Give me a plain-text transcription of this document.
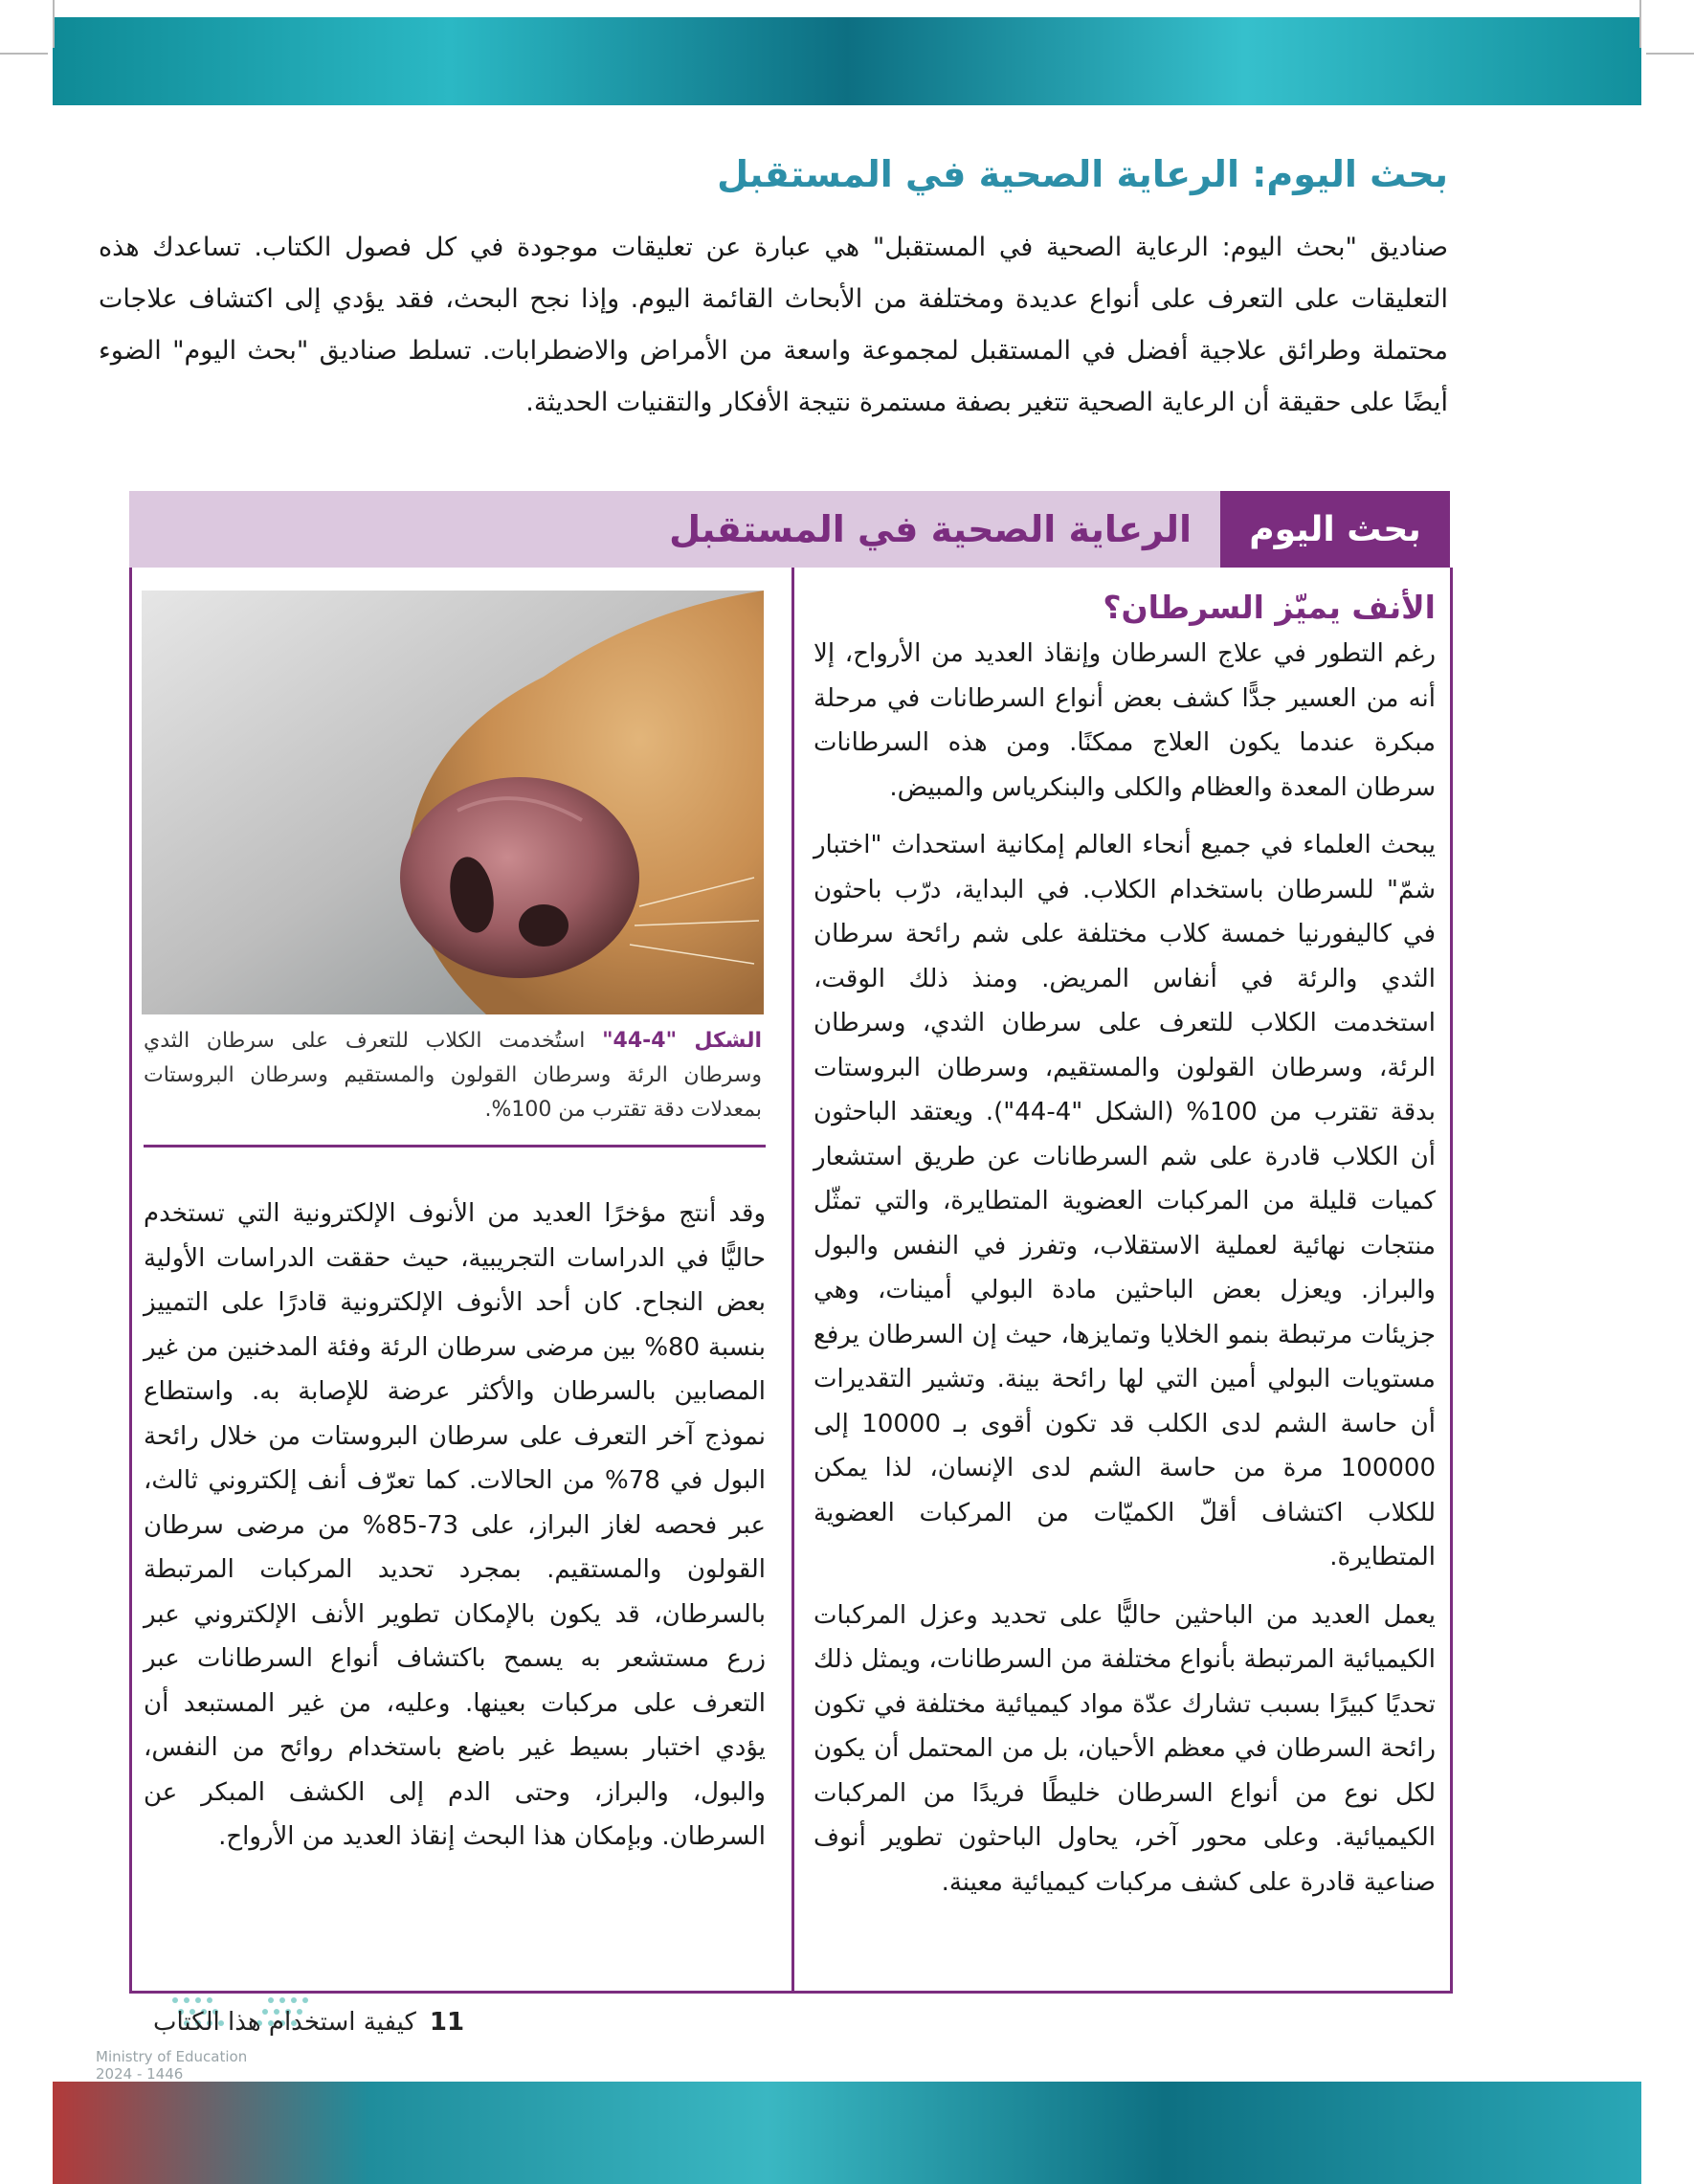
بحث اليوم: الرعاية الصحية في المستقبل

صناديق "بحث اليوم: الرعاية الصحية في المستقبل" هي عبارة عن تعليقات موجودة في كل فصول الكتاب. تساعدك هذه التعليقات على التعرف على أنواع عديدة ومختلفة من الأبحاث القائمة اليوم. وإذا نجح البحث، فقد يؤدي إلى اكتشاف علاجات محتملة وطرائق علاجية أفضل في المستقبل لمجموعة واسعة من الأمراض والاضطرابات. تسلط صناديق "بحث اليوم" الضوء أيضًا على حقيقة أن الرعاية الصحية تتغير بصفة مستمرة نتيجة الأفكار والتقنيات الحديثة.

بحث اليوم
الرعاية الصحية في المستقبل
الأنف يميّز السرطان؟

رغم التطور في علاج السرطان وإنقاذ العديد من الأرواح، إلا أنه من العسير جدًّا كشف بعض أنواع السرطانات في مرحلة مبكرة عندما يكون العلاج ممكنًا. ومن هذه السرطانات سرطان المعدة والعظام والكلى والبنكرياس والمبيض.

يبحث العلماء في جميع أنحاء العالم إمكانية استحداث "اختبار شمّ" للسرطان باستخدام الكلاب. في البداية، درّب باحثون في كاليفورنيا خمسة كلاب مختلفة على شم رائحة سرطان الثدي والرئة في أنفاس المريض. ومنذ ذلك الوقت، استخدمت الكلاب للتعرف على سرطان الثدي، وسرطان الرئة، وسرطان القولون والمستقيم، وسرطان البروستات بدقة تقترب من 100% (الشكل "4-44"). ويعتقد الباحثون أن الكلاب قادرة على شم السرطانات عن طريق استشعار كميات قليلة من المركبات العضوية المتطايرة، والتي تمثّل منتجات نهائية لعملية الاستقلاب، وتفرز في النفس والبول والبراز. ويعزل بعض الباحثين مادة البولي أمينات، وهي جزيئات مرتبطة بنمو الخلايا وتمايزها، حيث إن السرطان يرفع مستويات البولي أمين التي لها رائحة بينة. وتشير التقديرات أن حاسة الشم لدى الكلب قد تكون أقوى بـ 10000 إلى 100000 مرة من حاسة الشم لدى الإنسان، لذا يمكن للكلاب اكتشاف أقلّ الكميّات من المركبات العضوية المتطايرة.

يعمل العديد من الباحثين حاليًّا على تحديد وعزل المركبات الكيميائية المرتبطة بأنواع مختلفة من السرطانات، ويمثل ذلك تحديًا كبيرًا بسبب تشارك عدّة مواد كيميائية مختلفة في تكون رائحة السرطان في معظم الأحيان، بل من المحتمل أن يكون لكل نوع من أنواع السرطان خليطًا فريدًا من المركبات الكيميائية. وعلى محور آخر، يحاول الباحثون تطوير أنوف صناعية قادرة على كشف مركبات كيميائية معينة.

الشكل "4-44" استُخدمت الكلاب للتعرف على سرطان الثدي وسرطان الرئة وسرطان القولون والمستقيم وسرطان البروستات بمعدلات دقة تقترب من 100%.

وقد أنتج مؤخرًا العديد من الأنوف الإلكترونية التي تستخدم حاليًّا في الدراسات التجريبية، حيث حققت الدراسات الأولية بعض النجاح. كان أحد الأنوف الإلكترونية قادرًا على التمييز بنسبة 80% بين مرضى سرطان الرئة وفئة المدخنين من غير المصابين بالسرطان والأكثر عرضة للإصابة به. واستطاع نموذج آخر التعرف على سرطان البروستات من خلال رائحة البول في 78% من الحالات. كما تعرّف أنف إلكتروني ثالث، عبر فحصه لغاز البراز، على 73-85% من مرضى سرطان القولون والمستقيم. بمجرد تحديد المركبات المرتبطة بالسرطان، قد يكون بالإمكان تطوير الأنف الإلكتروني عبر زرع مستشعر به يسمح باكتشاف أنواع السرطانات عبر التعرف على مركبات بعينها. وعليه، من غير المستبعد أن يؤدي اختبار بسيط غير باضع باستخدام روائح من النفس، والبول، والبراز، وحتى الدم إلى الكشف المبكر عن السرطان. وبإمكان هذا البحث إنقاذ العديد من الأرواح.

11
كيفية استخدام هذا الكتاب
Ministry of Education
2024 - 1446
